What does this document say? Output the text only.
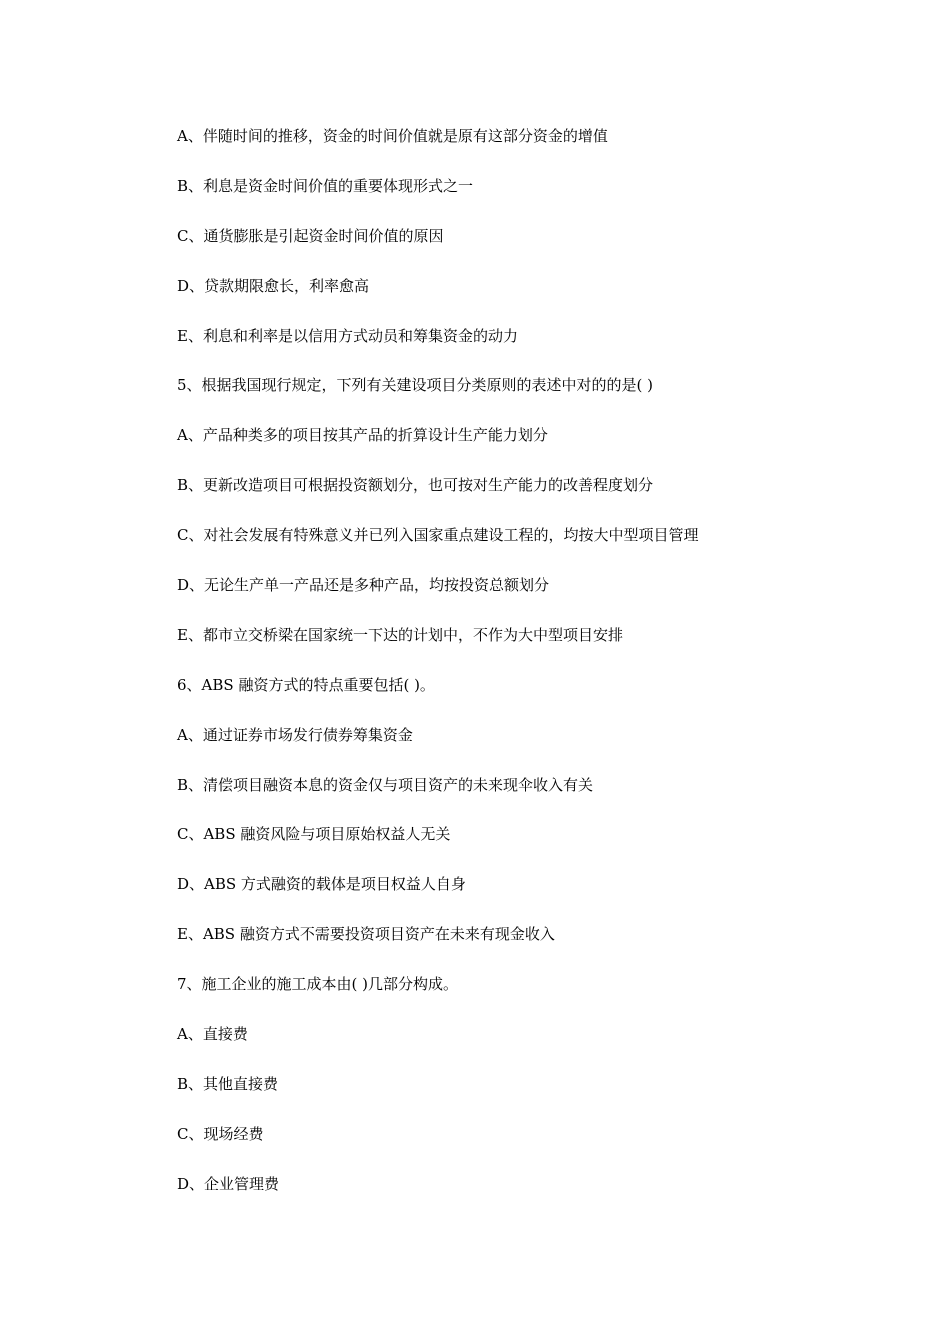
A、伴随时间的推移，资金的时间价值就是原有这部分资金的增值
B、利息是资金时间价值的重要体现形式之一
C、通货膨胀是引起资金时间价值的原因
D、贷款期限愈长，利率愈高
E、利息和利率是以信用方式动员和筹集资金的动力
5、根据我国现行规定，下列有关建设项目分类原则的表述中对的的是( )
A、产品种类多的项目按其产品的折算设计生产能力划分
B、更新改造项目可根据投资额划分，也可按对生产能力的改善程度划分
C、对社会发展有特殊意义并已列入国家重点建设工程的，均按大中型项目管理
D、无论生产单一产品还是多种产品，均按投资总额划分
E、都市立交桥梁在国家统一下达的计划中，不作为大中型项目安排
6、ABS 融资方式的特点重要包括( )。
A、通过证券市场发行债券筹集资金
B、清偿项目融资本息的资金仅与项目资产的未来现伞收入有关
C、ABS 融资风险与项目原始权益人无关
D、ABS 方式融资的载体是项目权益人自身
E、ABS 融资方式不需要投资项目资产在未来有现金收入
7、施工企业的施工成本由( )几部分构成。
A、直接费
B、其他直接费
C、现场经费
D、企业管理费
